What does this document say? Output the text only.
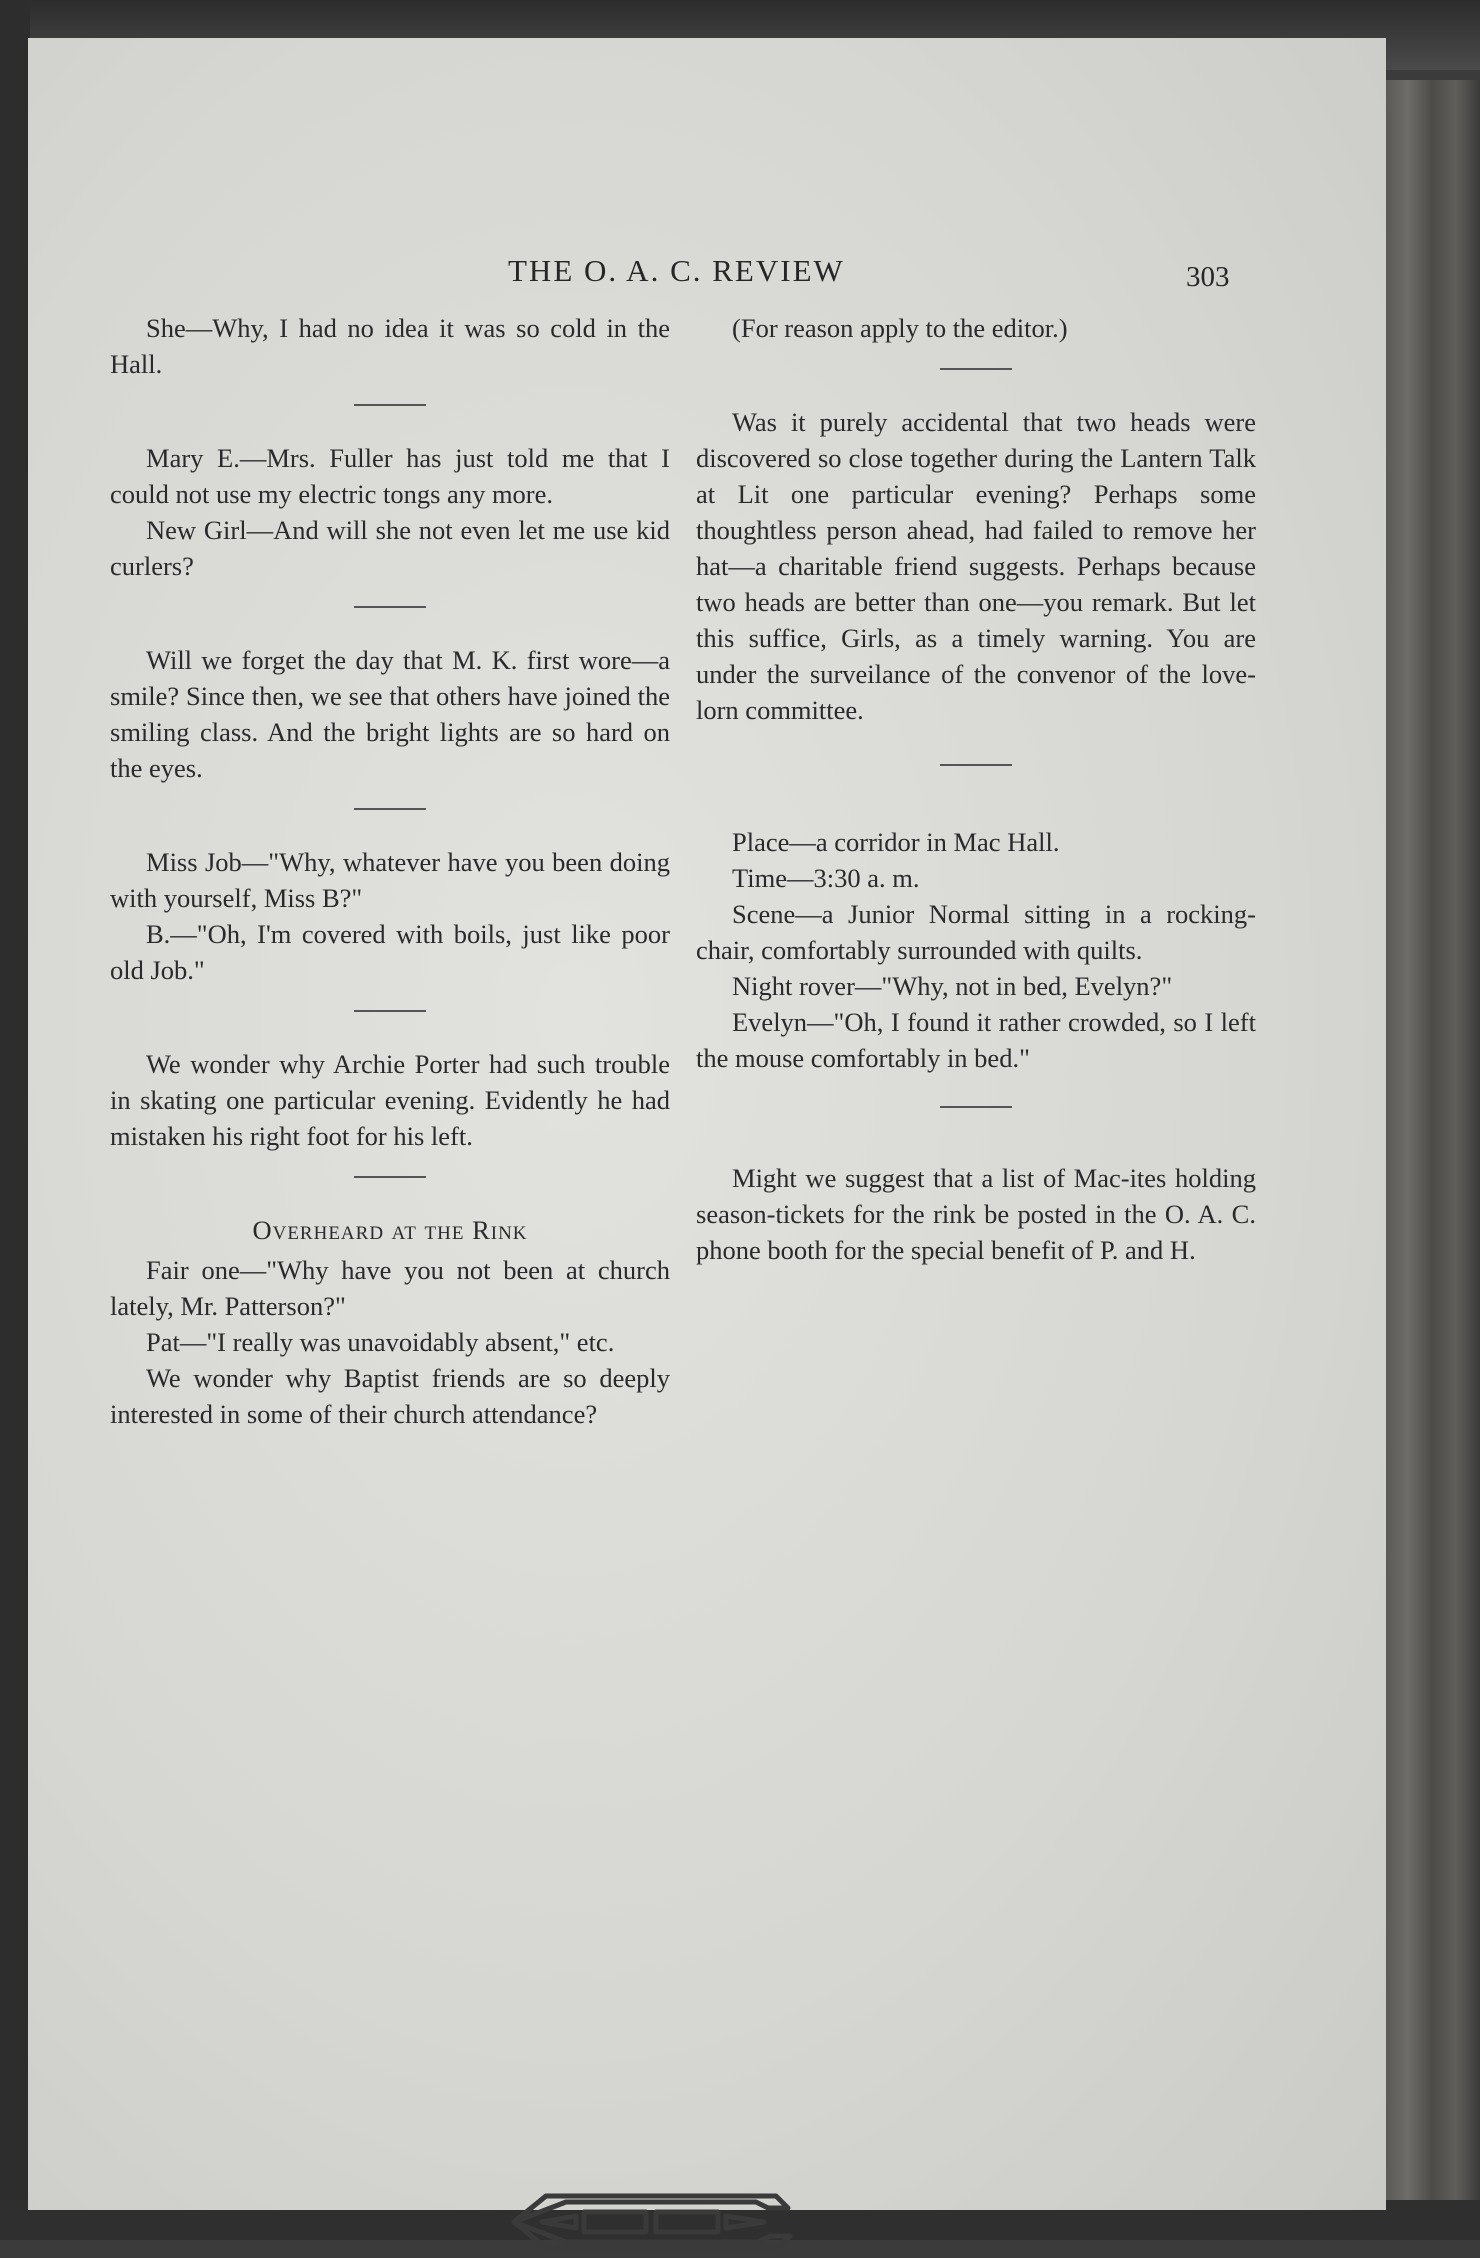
THE O. A. C. REVIEW	303

She—Why, I had no idea it was so cold in the Hall.

Mary E.—Mrs. Fuller has just told me that I could not use my electric tongs any more.

New Girl—And will she not even let me use kid curlers?

Will we forget the day that M. K. first wore—a smile? Since then, we see that others have joined the smiling class. And the bright lights are so hard on the eyes.

Miss Job—"Why, whatever have you been doing with yourself, Miss B?"

B.—"Oh, I'm covered with boils, just like poor old Job."

We wonder why Archie Porter had such trouble in skating one particular evening. Evidently he had mistaken his right foot for his left.

Overheard at the Rink

Fair one—"Why have you not been at church lately, Mr. Patterson?"

Pat—"I really was unavoidably absent," etc.

We wonder why Baptist friends are so deeply interested in some of their church attendance?

(For reason apply to the editor.)

Was it purely accidental that two heads were discovered so close together during the Lantern Talk at Lit one particular evening? Perhaps some thoughtless person ahead, had failed to remove her hat—a charitable friend suggests. Perhaps because two heads are better than one—you remark. But let this suffice, Girls, as a timely warning. You are under the surveilance of the convenor of the love-lorn committee.

Place—a corridor in Mac Hall.

Time—3:30 a. m.

Scene—a Junior Normal sitting in a rocking-chair, comfortably surrounded with quilts.

Night rover—"Why, not in bed, Evelyn?"

Evelyn—"Oh, I found it rather crowded, so I left the mouse comfortably in bed."

Might we suggest that a list of Mac-ites holding season-tickets for the rink be posted in the O. A. C. phone booth for the special benefit of P. and H.
